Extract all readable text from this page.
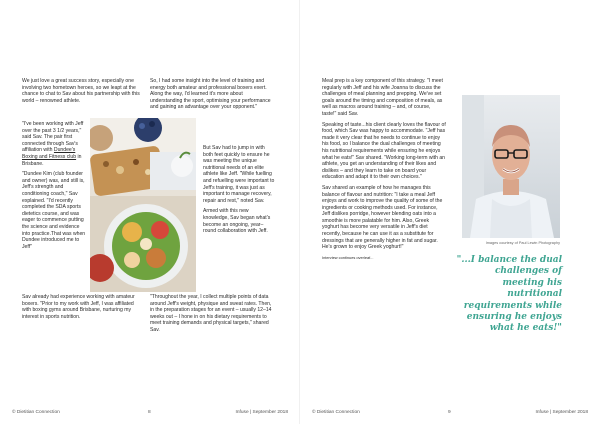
We just love a great success story, especially one involving two hometown heroes, so we leapt at the chance to chat to Sav about his partnership with this world – renowned athlete.

"I've been working with Jeff over the past 3 1/2 years," said Sav. The pair first connected through Sav's affiliation with Dundee's Boxing and Fitness club in Brisbane.

"Dundee Kim (club founder and owner) was, and still is, Jeff's strength and conditioning coach," Sav explained. "I'd recently completed the SDA sports dietetics course, and was eager to commence putting the science and evidence into practice.That was when Dundee introduced me to Jeff"

Sav already had experience working with amateur boxers. "Prior to my work with Jeff, I was affiliated with boxing gyms around Brisbane, nurturing my interest in sports nutrition.

So, I had some insight into the level of training and energy both amateur and professional boxers exert. Along the way, I'd learned it's more about understanding the sport, optimising your performance and gaining an advantage over your opponent."

But Sav had to jump in with both feet quickly to ensure he was meeting the unique nutritional needs of an elite athlete like Jeff. "While fuelling and refuelling were important to Jeff's training, it was just as important to manage recovery, repair and rest," noted Sav.

Armed with this new knowledge, Sav began what's become an ongoing, year–round collaboration with Jeff.

"Throughout the year, I collect multiple points of data around Jeff's weight, physique and sweat rates. Then, in the preparation stages for an event – usually 12–14 weeks out – I hone in on his dietary requirements to meet training demands and physical targets," shared Sav.

© Dietitian Connection	8	Infuse | September 2018

Meal prep is a key component of this strategy. "I meet regularly with Jeff and his wife Joanna to discuss the challenges of meal planning and prepping. We've set goals around the timing and composition of meals, as well as macros around training – and, of course, taste!" said Sav.

Speaking of taste...his client clearly loves the flavour of food, which Sav was happy to accommodate. "Jeff has made it very clear that he needs to continue to enjoy his food, so I balance the dual challenges of meeting his nutritional requirements while ensuring he enjoys what he eats!" Sav shared. "Working long-term with an athlete, you get an understanding of their likes and dislikes – and they learn to take on board your education and adapt it to their own choices."

Sav shared an example of how he manages this balance of flavour and nutrition: "I take a meal Jeff enjoys and work to improve the quality of some of the ingredients or cooking methods used. For instance, Jeff dislikes porridge, however blending oats into a smoothie is more palatable for him. Also, Greek yoghurt has become very versatile in Jeff's diet recently, because he can use it as a substitute for dressings that are generally higher in fat and sugar. He's grown to enjoy Greek yoghurt!"

Interview continues overleaf...

© Dietitian Connection	9	Infuse | September 2018
Images courtesy of Paul Lewin Photography
"...I balance the dual challenges of meeting his nutritional requirements while ensuring he enjoys what he eats!"
